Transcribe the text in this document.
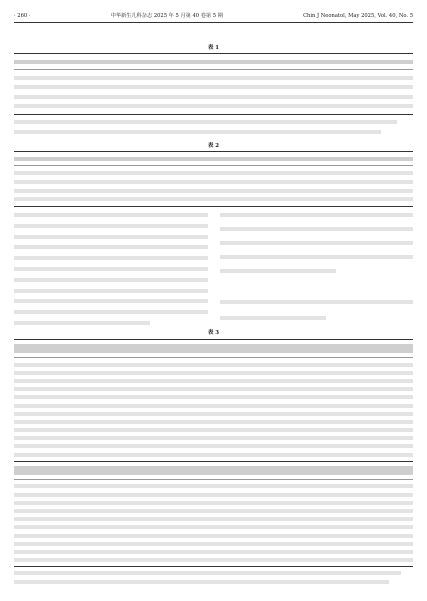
· 260 ·	中华新生儿科杂志 2025 年 5 月第 40 卷第 5 期	Chin J Neonatol, May 2025, Vol. 40, No. 5
表 1
表 2
表 3
